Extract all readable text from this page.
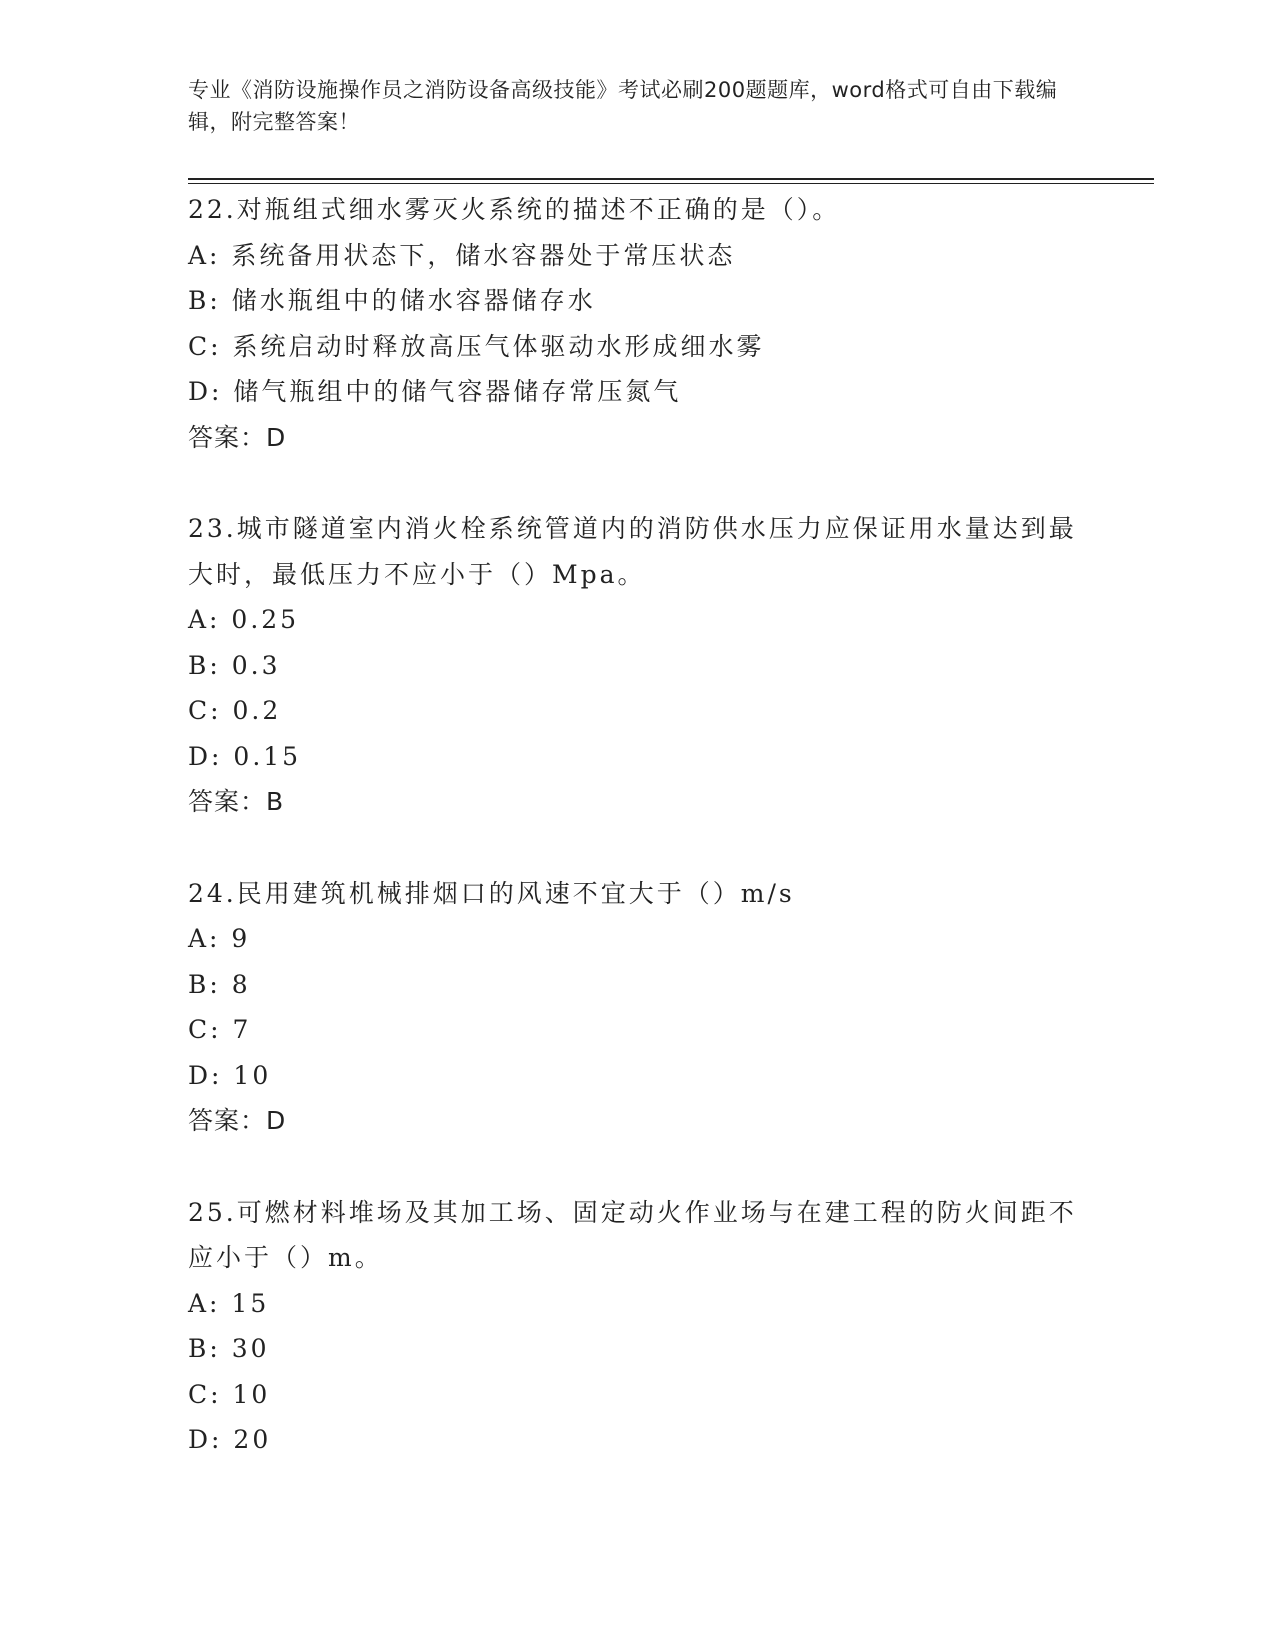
专业《消防设施操作员之消防设备高级技能》考试必刷200题题库，word格式可自由下载编辑，附完整答案！
22.对瓶组式细水雾灭火系统的描述不正确的是（）。
A: 系统备用状态下，储水容器处于常压状态
B: 储水瓶组中的储水容器储存水
C: 系统启动时释放高压气体驱动水形成细水雾
D: 储气瓶组中的储气容器储存常压氮气
答案：D
23.城市隧道室内消火栓系统管道内的消防供水压力应保证用水量达到最大时，最低压力不应小于（）Mpa。
A: 0.25
B: 0.3
C: 0.2
D: 0.15
答案：B
24.民用建筑机械排烟口的风速不宜大于（）m/s
A: 9
B: 8
C: 7
D: 10
答案：D
25.可燃材料堆场及其加工场、固定动火作业场与在建工程的防火间距不应小于（）m。
A: 15
B: 30
C: 10
D: 20
